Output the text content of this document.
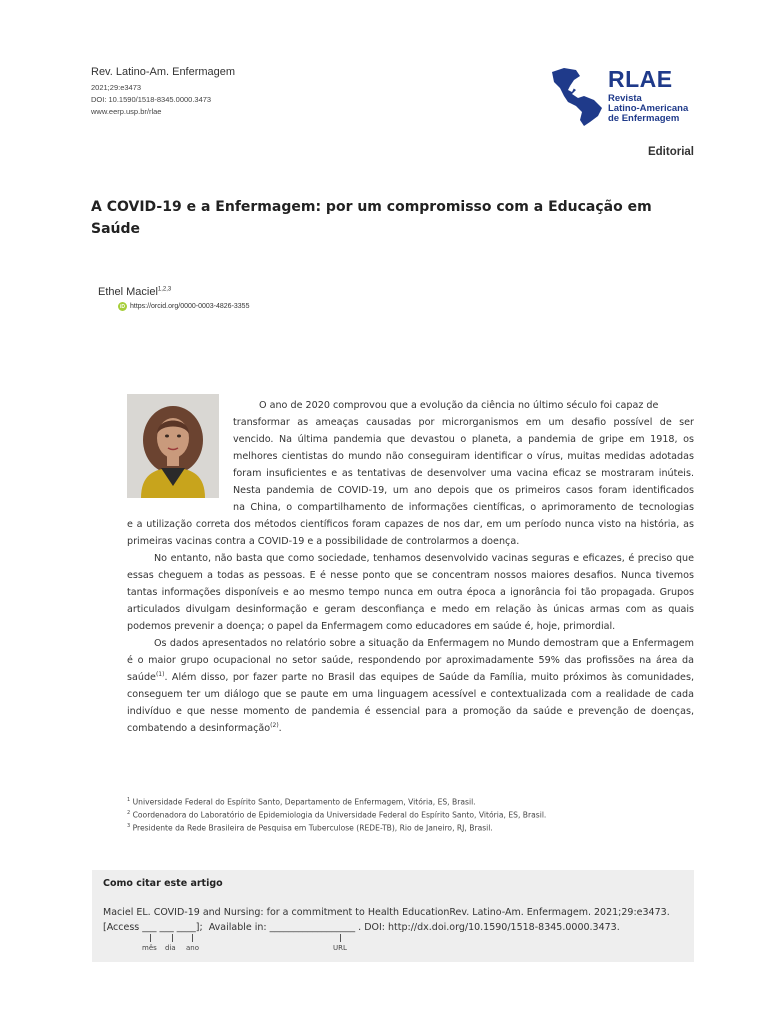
Rev. Latino-Am. Enfermagem
2021;29:e3473
DOI: 10.1590/1518-8345.0000.3473
www.eerp.usp.br/rlae
RLAE
Revista
Latino-Americana
de Enfermagem
Editorial
A COVID-19 e a Enfermagem: por um compromisso com a Educação em Saúde
Ethel Maciel$^{1,2,3}$
iD https://orcid.org/0000-0003-4826-3355
O ano de 2020 comprovou que a evolução da ciência no último século foi capaz de
transformar as ameaças causadas por microrganismos em um desafio possível de ser
vencido. Na última pandemia que devastou o planeta, a pandemia de gripe em 1918, os
melhores cientistas do mundo não conseguiram identificar o vírus, muitas medidas adotadas
foram insuficientes e as tentativas de desenvolver uma vacina eficaz se mostraram inúteis.
Nesta pandemia de COVID-19, um ano depois que os primeiros casos foram identificados
na China, o compartilhamento de informações científicas, o aprimoramento de tecnologias
e a utilização correta dos métodos científicos foram capazes de nos dar, em um período nunca visto na história, as primeiras vacinas contra a COVID-19 e a possibilidade de controlarmos a doença.
No entanto, não basta que como sociedade, tenhamos desenvolvido vacinas seguras e eficazes, é preciso que essas cheguem a todas as pessoas. E é nesse ponto que se concentram nossos maiores desafios. Nunca tivemos tantas informações disponíveis e ao mesmo tempo nunca em outra época a ignorância foi tão propagada. Grupos articulados divulgam desinformação e geram desconfiança e medo em relação às únicas armas com as quais podemos prevenir a doença; o papel da Enfermagem como educadores em saúde é, hoje, primordial.
Os dados apresentados no relatório sobre a situação da Enfermagem no Mundo demostram que a Enfermagem é o maior grupo ocupacional no setor saúde, respondendo por aproximadamente 59% das profissões na área da saúde$^{(1)}$. Além disso, por fazer parte no Brasil das equipes de Saúde da Família, muito próximos às comunidades, conseguem ter um diálogo que se paute em uma linguagem acessível e contextualizada com a realidade de cada indivíduo e que nesse momento de pandemia é essencial para a promoção da saúde e prevenção de doenças, combatendo a desinformação$^{(2)}$.
$^1$ Universidade Federal do Espírito Santo, Departamento de Enfermagem, Vitória, ES, Brasil.
$^2$ Coordenadora do Laboratório de Epidemiologia da Universidade Federal do Espírito Santo, Vitória, ES, Brasil.
$^3$ Presidente da Rede Brasileira de Pesquisa em Tuberculose (REDE-TB), Rio de Janeiro, RJ, Brasil.
Como citar este artigo
Maciel EL. COVID-19 and Nursing: for a commitment to Health EducationRev. Latino-Am. Enfermagem. 2021;29:e3473.
[Access ___ ___ ____];  Available in: __________________ . DOI: http://dx.doi.org/10.1590/1518-8345.0000.3473.
mês dia ano	URL
